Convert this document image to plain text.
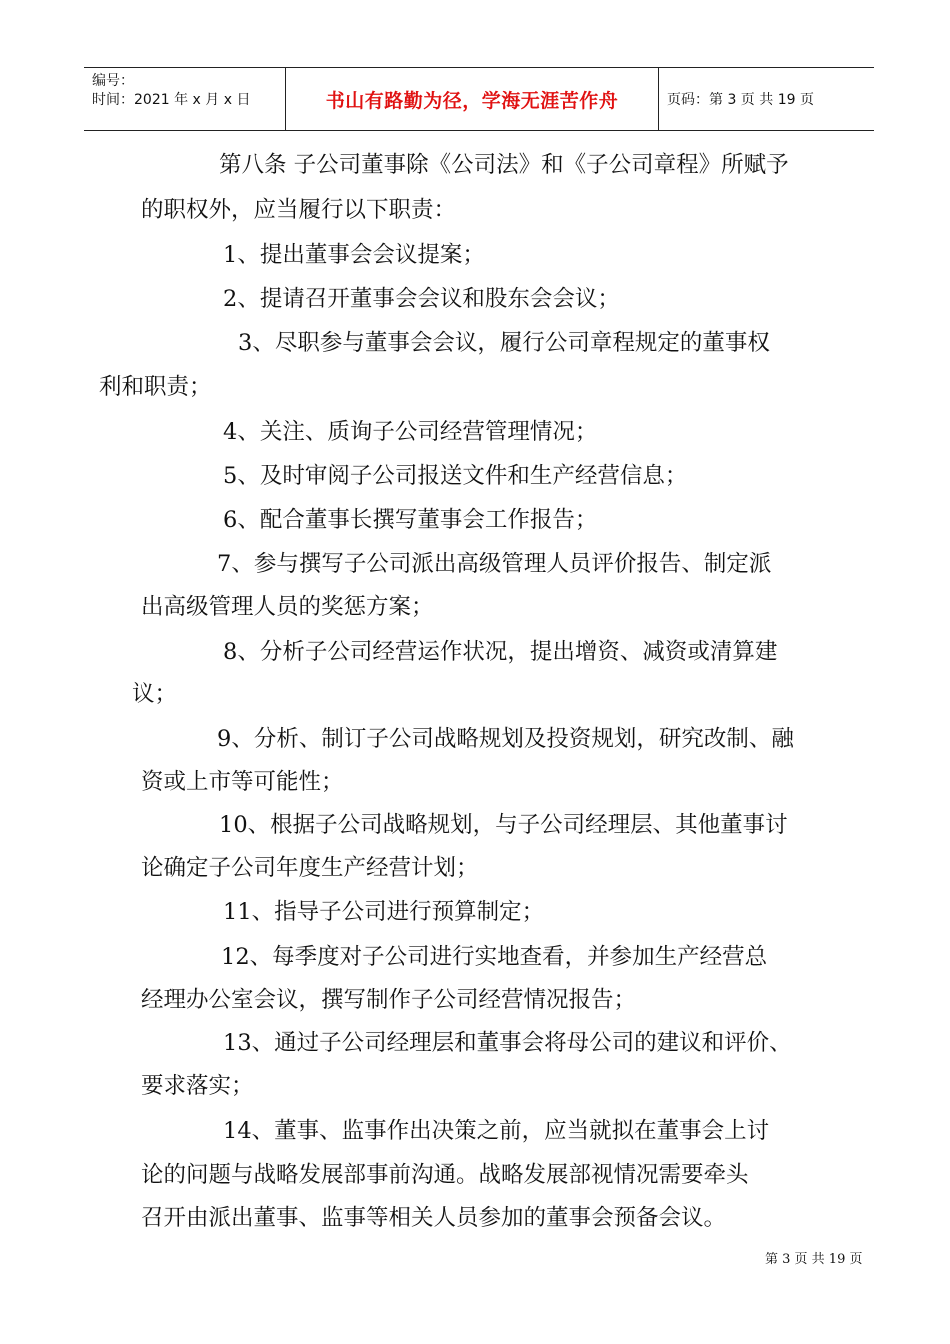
编号：
时间：2021 年 x 月 x 日	书山有路勤为径，学海无涯苦作舟	页码：第 3 页 共 19 页
第八条 子公司董事除《公司法》和《子公司章程》所赋予
的职权外，应当履行以下职责：
1、提出董事会会议提案；
2、提请召开董事会会议和股东会会议；
3、尽职参与董事会会议，履行公司章程规定的董事权
利和职责；
4、关注、质询子公司经营管理情况；
5、及时审阅子公司报送文件和生产经营信息；
6、配合董事长撰写董事会工作报告；
7、参与撰写子公司派出高级管理人员评价报告、制定派
出高级管理人员的奖惩方案；
8、分析子公司经营运作状况，提出增资、减资或清算建
议；
9、分析、制订子公司战略规划及投资规划，研究改制、融
资或上市等可能性；
10、根据子公司战略规划，与子公司经理层、其他董事讨
论确定子公司年度生产经营计划；
11、指导子公司进行预算制定；
12、每季度对子公司进行实地查看，并参加生产经营总
经理办公室会议，撰写制作子公司经营情况报告；
13、通过子公司经理层和董事会将母公司的建议和评价、
要求落实；
14、董事、监事作出决策之前，应当就拟在董事会上讨
论的问题与战略发展部事前沟通。战略发展部视情况需要牵头
召开由派出董事、监事等相关人员参加的董事会预备会议。
第 3 页 共 19 页
